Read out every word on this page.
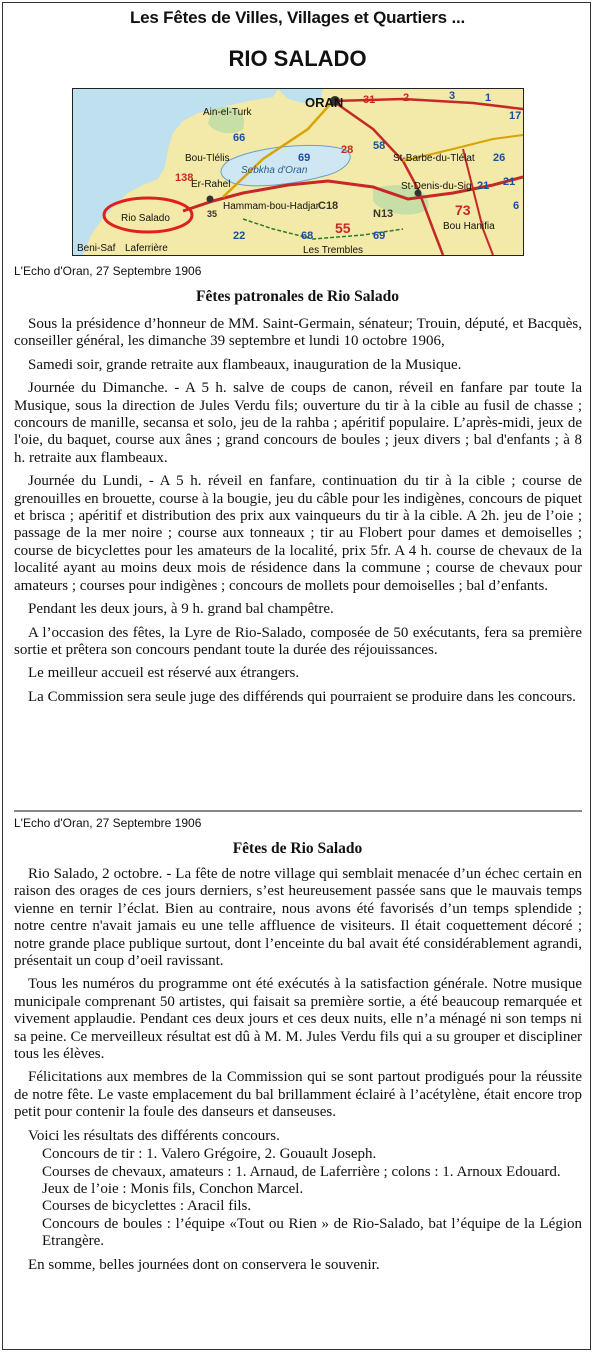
Les Fêtes de Villes, Villages et Quartiers ...
RIO SALADO
Ain-el-Turk
ORAN
Bou-Tlélis
Er-Rahel
Rio Salado
Beni-Saf Laferrière
Sebkha d'Oran
Hammam-bou-Hadjar
St-Barbe-du-Tlélat
St-Denis-du-Sig
Bou Hanifia
Les Trembles
31	2
66
138
69
28 58
26
21
6
N13
C18
55
73
68	69
22
3
21
35
1
17
L'Echo d'Oran, 27 Septembre 1906
Fêtes patronales de Rio Salado

Sous la présidence d’honneur de MM. Saint-Germain, sénateur; Trouin, député, et Bacquès, conseiller général, les dimanche 39 septembre et lundi 10 octobre 1906,

Samedi soir, grande retraite aux flambeaux, inauguration de la Musique.

Journée du Dimanche. - A 5 h. salve de coups de canon, réveil en fanfare par toute la Musique, sous la direction de Jules Verdu fils; ouverture du tir à la cible au fusil de chasse ; concours de manille, secansa et solo, jeu de la rahba ; apéritif populaire. L’après-midi, jeux de l'oie, du baquet, course aux ânes ; grand concours de boules ; jeux divers ; bal d'enfants ; à 8 h. retraite aux flambeaux.

Journée du Lundi, - A 5 h. réveil en fanfare, continuation du tir à la cible ; course de grenouilles en brouette, course à la bougie, jeu du câble pour les indigènes, concours de piquet et brisca ; apéritif et distribution des prix aux vainqueurs du tir à la cible. A 2h. jeu de l’oie ; passage de la mer noire ; course aux tonneaux ; tir au Flobert pour dames et demoiselles ; course de bicyclettes pour les amateurs de la localité, prix 5fr. A 4 h. course de chevaux de la localité ayant au moins deux mois de résidence dans la commune ; course de chevaux pour amateurs ; courses pour indigènes ; concours de mollets pour demoiselles ; bal d’enfants.

Pendant les deux jours, à 9 h. grand bal champêtre.

A l’occasion des fêtes, la Lyre de Rio-Salado, composée de 50 exécutants, fera sa première sortie et prêtera son concours pendant toute la durée des réjouissances.

Le meilleur accueil est réservé aux étrangers.

La Commission sera seule juge des différends qui pourraient se produire dans les concours.

L'Echo d'Oran, 27 Septembre 1906
Fêtes de Rio Salado

Rio Salado, 2 octobre. - La fête de notre village qui semblait menacée d’un échec certain en raison des orages de ces jours derniers, s’est heureusement passée sans que le mauvais temps vienne en ternir l’éclat. Bien au contraire, nous avons été favorisés d’un temps splendide ; notre centre n'avait jamais eu une telle affluence de visiteurs. Il était coquettement décoré ; notre grande place publique surtout, dont l’enceinte du bal avait été considérablement agrandi, présentait un coup d’oeil ravissant.

Tous les numéros du programme ont été exécutés à la satisfaction générale. Notre musique municipale comprenant 50 artistes, qui faisait sa première sortie, a été beaucoup remarquée et vivement applaudie. Pendant ces deux jours et ces deux nuits, elle n’a ménagé ni son temps ni sa peine. Ce merveilleux résultat est dû à M. M. Jules Verdu fils qui a su grouper et discipliner tous les élèves.

Félicitations aux membres de la Commission qui se sont partout prodigués pour la réussite de notre fête. Le vaste emplacement du bal brillamment éclairé à l’acétylène, était encore trop petit pour contenir la foule des danseurs et danseuses.

Voici les résultats des différents concours.

Concours de tir : 1. Valero Grégoire, 2. Gouault Joseph.
Courses de chevaux, amateurs : 1. Arnaud, de Laferrière ; colons : 1. Arnoux Edouard.
Jeux de l’oie : Monis fils, Conchon Marcel.
Courses de bicyclettes : Aracil fils.
Concours de boules : l’équipe «Tout ou Rien » de Rio-Salado, bat l’équipe de la Légion Etrangère.

En somme, belles journées dont on conservera le souvenir.
